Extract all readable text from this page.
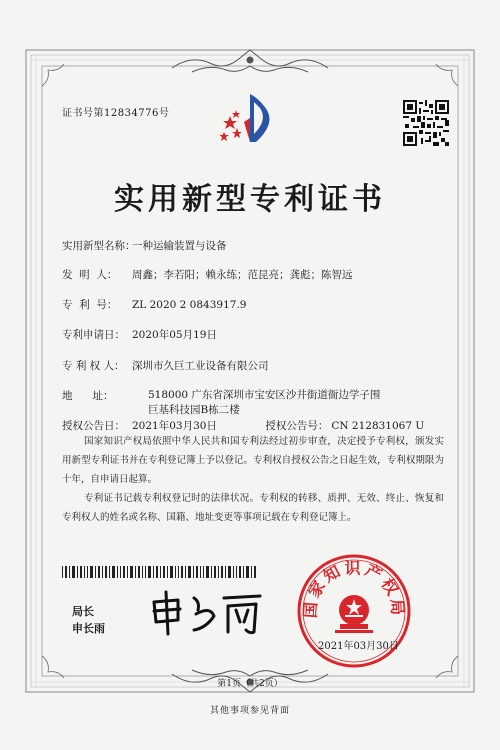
证书号第12834776号
实用新型专利证书
实用新型名称：一种运输装置与设备
发  明  人： 周鑫；李若阳；赖永练；范昆亮；龚彪；陈智远
专  利  号： ZL 2020 2 0843917.9
专利申请日： 2020年05月19日
专 利 权 人： 深圳市久巨工业设备有限公司
地      址：	518000 广东省深圳市宝安区沙井街道衙边学子围巨基科技园B栋二楼
授权公告日： 2021年03月30日	授权公告号： CN 212831067 U
国家知识产权局依照中华人民共和国专利法经过初步审查，决定授予专利权，颁发实用新型专利证书并在专利登记簿上予以登记。专利权自授权公告之日起生效，专利权期限为十年，自申请日起算。
专利证书记载专利权登记时的法律状况。专利权的转移、质押、无效、终止、恢复和专利权人的姓名或名称、国籍、地址变更等事项记载在专利登记簿上。
局长
申长雨
国家知识产权局
2021年03月30日
第1页（共2页）
其他事项参见背面
